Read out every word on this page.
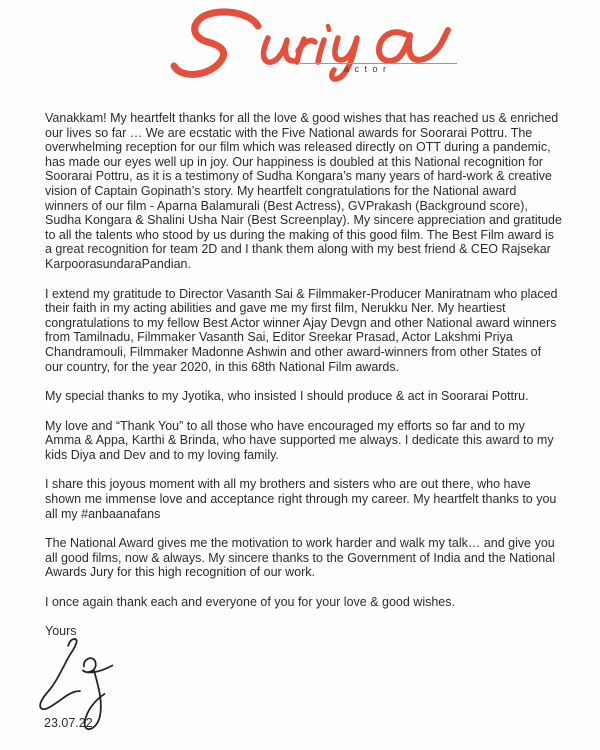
actor

Vanakkam! My heartfelt thanks for all the love & good wishes that has reached us & enriched our lives so far … We are ecstatic with the Five National awards for Soorarai Pottru. The overwhelming reception for our film which was released directly on OTT during a pandemic, has made our eyes well up in joy. Our happiness is doubled at this National recognition for Soorarai Pottru, as it is a testimony of Sudha Kongara’s many years of hard-work & creative vision of Captain Gopinath’s story. My heartfelt congratulations for the National award winners of our film - Aparna Balamurali (Best Actress), GVPrakash (Background score), Sudha Kongara & Shalini Usha Nair (Best Screenplay). My sincere appreciation and gratitude to all the talents who stood by us during the making of this good film. The Best Film award is a great recognition for team 2D and I thank them along with my best friend & CEO Rajsekar KarpoorasundaraPandian.

I extend my gratitude to Director Vasanth Sai & Filmmaker-Producer Maniratnam who placed their faith in my acting abilities and gave me my first film, Nerukku Ner. My heartiest congratulations to my fellow Best Actor winner Ajay Devgn and other National award winners from Tamilnadu, Filmmaker Vasanth Sai, Editor Sreekar Prasad, Actor Lakshmi Priya Chandramouli, Filmmaker Madonne Ashwin and other award-winners from other States of our country, for the year 2020, in this 68th National Film awards.

My special thanks to my Jyotika, who insisted I should produce & act in Soorarai Pottru.

My love and “Thank You” to all those who have encouraged my efforts so far and to my Amma & Appa, Karthi & Brinda, who have supported me always. I dedicate this award to my kids Diya and Dev and to my loving family.

I share this joyous moment with all my brothers and sisters who are out there, who have shown me immense love and acceptance right through my career. My heartfelt thanks to you all my #anbaanafans

The National Award gives me the motivation to work harder and walk my talk… and give you all good films, now & always. My sincere thanks to the Government of India and the National Awards Jury for this high recognition of our work.

I once again thank each and everyone of you for your love & good wishes.

Yours
23.07.22
